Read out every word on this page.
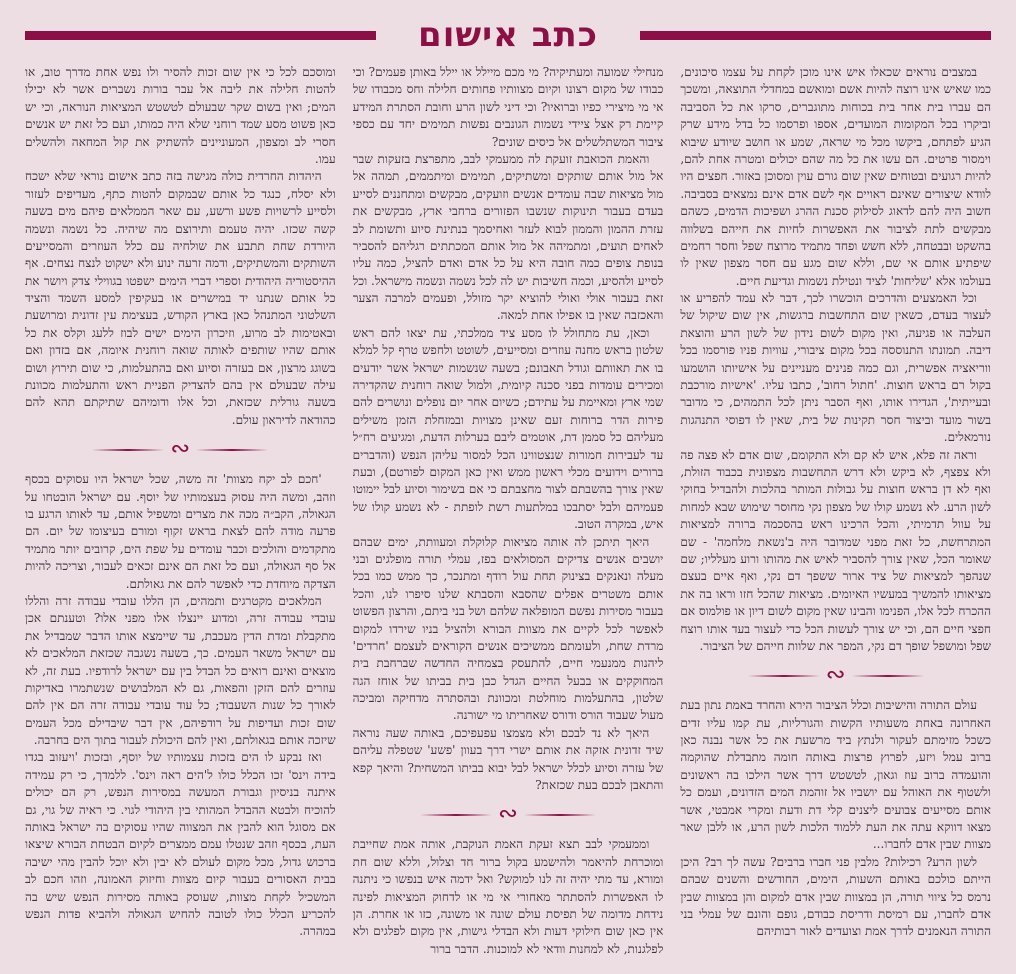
כתב אישום

במצבים נוראים שכאלו איש אינו מוכן לקחת על עצמו סיכונים, כמו שאיש אינו רוצה להיות אשם ומואשם במחדלי התוצאה, ומשכך הם עברו בית אחר בית בכוחות מתוגברים, סרקו את כל הסביבה וביקרו בכל המקומות המועדים, אספו ופרסמו כל בדל מידע שרק הגיע לפתחם, ביקשו מכל מי שראה, שמע או חושב שיודע שיבוא וימסור פרטים. הם עשו את כל מה שהם יכולים ומטרה אחת להם, להיות רגועים ובטוחים שאין שום גורם עוין ומסוכן באזור. חפצים היו לוודא שיצורים שאינם ראויים אף לשם אדם אינם נמצאים בסביבה. חשוב היה להם לדאוג לסילוק סכנת ההרג ושפיכות הדמים, כשהם מבקשים לתת לציבור את האפשרות לחיות את חייהם בשלווה בהשקט ובבטחה, ללא חשש ופחד מתמיד מרוצח שפל וחסר רחמים שיפתיע אותם אי שם, וללא שום מגע עם חסר מצפון שאין לו בעולמו אלא 'שליחות' לציד ונטילת נשמות וגדיעת חיים.

וכל האמצעים והדרכים הוכשרו לכך, דבר לא עמד להפריע או לעצור בעדם, כשאין שום התחשבות ברגשות, אין שום שיקול של העלבה או פגיעה, ואין מקום לשום נידון של לשון הרע והוצאת דיבה. תמונתו התנוססה בכל מקום ציבורי, עוויות פניו פורסמו בכל ווריאציה אפשרית, וגם כמה פנינים מעניינים על אישיותו הושמעו בקול רם בראש חוצות. 'חתול רחוב', כתבו עליו. 'אישיות מורכבת ובעייתית', הגדירו אותו, ואף הסבר ניתן לכל התמהים, כי מדובר בשור מועד וביצור חסר תקינות של בית, שאין לו דפוסי התנהגות נורמאלים.

וראה זה פלא, איש לא קם ולא התקומם, שום אדם לא פצה פה ולא צפצף, לא ביקש ולא דרש התחשבות מצפונית בכבוד הזולת, ואף לא דן בראש חוצות על גבולות המותר בהלכות ולהבדיל בחוקי לשון הרע. לא נשמע קולו של מצפון נקי מחוסר שימוש שבא למחות על עוול תדמיתי, והכל הרכינו ראש בהסכמה ברורה למציאות המתרחשת, כל זאת מפני שמדובר היה ב'נשאת מלחמה' - שם שאומר הכל, שאין צורך להסביר לאיש את מהותו ורוע מעלליו; שם שנהפך למציאות של ציד ארור ששפך דם נקי, ואף איים בעצם מציאותו להמשיך במעשיו האיומים. מציאות שהכל חזו וראו בה את ההכרח לכל אלו, הפנימו והבינו שאין מקום לשום דיון או פולמוס אם חפצי חיים הם, וכי יש צורך לעשות הכל כדי לעצור בעד אותו רוצח שפל ומושפל שופך דם נקי, המפר את שלוות חייהם של הציבור.

∾

עולם התורה והישיבות וכלל הציבור הירא והחרד באמת נתון בעת האחרונה באחת משעותיו הקשות והגורליות, עת קמו עליו זדים כשכל מזימתם לעקור ולנתץ ביד מרשעת את כל אשר נבנה כאן ברוב עמל ויזע, לפרוץ פרצות באותה חומה מתבדלת שהוקמה והועמדה ברוב עוז וגאון, לטשטש דרך אשר הילכו בה ראשונים ולשטוף את האוהל עם יושביו אל זוהמת המים הזדונים, ועמם כל אותם מסייעים צבועים ליצנים קלי דת ודעת ומקרי אמבטי, אשר מצאו דווקא עתה את העת ללמוד הלכות לשון הרע, או ללבן שאר מצוות שבין אדם לחברו...

לשון הרע? רכילות? מלבין פני חברו ברבים? עשה לך רב? היכן הייתם כולכם באותם השעות, הימים, החודשים והשנים שבהם נרמס כל ציווי תורה, הן במצוות שבין אדם למקום והן במצוות שבין אדם לחברו, עם רמיסת ודריסת כבודם, גופם והונם של עמלי בני התורה הנאמנים לדרך אמת וצועדים לאור רבותיהם

מנחילי שמועה ומעתיקיה? מי מכם מיילל או יילל באותן פעמים? וכי כבודו של מקום רצונו וקיום מצוותיו פחותים חלילה וחס מכבודו של אי מי מיצירי כפיו וברואיו? וכי דיני לשון הרע וחובת הסתרת המידע קיימת רק אצל ציידי נשמות הגונבים נפשות תמימים יחד עם כספי ציבור המשתלשלים אל כיסים שונים?

והאמת הכואבת זועקת לה ממעמקי לבב, מתפרצת בזעקות שבר אל מול אותם שותקים ומשתיקים, תמימים ומיתממים, תמהה אל מול מציאות שבה עומדים אנשים וזועקים, מבקשים ומתחננים לסייע בעדם בעבור תינוקות שנשבו הפזורים ברחבי ארץ, מבקשים את עזרת ההמון והממון לבוא לעזר ואחיסמך בנתינת סיוע ותשומת לב לאחים תועים, ומתמיהה אל מול אותם המכתתים רגליהם להסביר בנופת צופים כמה חובה היא על כל אדם ואדם להציל, כמה עליו לסייע ולהסיע, וכמה חשיבות יש לה לכל נשמה ונשמה מישראל. וכל זאת בעבור אולי ואולי להוציא יקר מזולל, ופעמים למרבה הצער והאכזבה שאין בו אפילו אחת למאה.

וכאן, עת מתחולל לו מסע ציד ממלכתי, עת יצאו להם ראש שלטון בראש מחנה עוזרים ומסייעים, לשוטט ולחפש טרף קל למלא בו את תאוותם וגודל תאבונם; בשעה שנשמות ישראל אשר יודעים ומכירים עומדות בפני סכנה קיומית, ולמול שואה רוחנית שהקדירה שמי ארץ ומאיימת על עתידם; כשיום אחר יום נופלים ונושרים להם פירות הדר ברוחות זעם שאינן מצויות ובמזחלת הזמן משילים מעליהם כל סממן דת, אוטמים ליבם בערלות הדעת, ומגיעים רח״ל עד לעבירות חמורות שנצטווינו הכל למסור עליהן הנפש (והדברים ברורים וידועים מכלי ראשון ממש ואין כאן המקום לפורטם), ובעת שאין צורך בהשבתם לצור מחצבתם כי אם בשימור וסיוע לבל יימוטו פעמיהם ולבל יסתבכו במלתעות רשת לופתת - לא נשמע קולו של איש, במקרה הטוב.

היאך תיתכן לה אותה מציאות קלוקלת ומעוותת, ימים שבהם יושבים אנשים צדיקים המסולאים בפז, עמלי תורה מופלגים ובני מעלה ונאנקים בצינוק תחת עול רודף ומתנכר, כך ממש כמו בכל אותם משטרים אפלים שהסבא והסבתא שלנו סיפרו לנו, והכל בעבור מסירות נפשם המופלאה שלהם ושל בני ביתם, והרצון הפשוט לאפשר לכל לקיים את מצוות הבורא ולהציל בניו שירדו למקום מרדת שחת, ולעומתם ממשיכים אנשים הקוראים לעצמם 'חרדים' ליהנות ממנעמי חיים, להתעסק בצמחיה החדשה שברחבת בית המחוקקים או בבעל החיים הגדל כבן בית בביתו של אוחז הגה שלטון, בהתעלמות מוחלטת ומכוונת ובהסתרה מדחיקה ומביכה מעול שעבוד הורס ודורס שאחריתו מי ישורנה.

היאך לא נד לבכם ולא מצמצו עפעפיכם, באותה שעה נוראה שיד זדונית אזקה את אותם ישרי דרך בעוון 'פשע' שטפלה עליהם של עזרה וסיוע לכלל ישראל לבל יבוא בביתו המשחית? והיאך קפא והתאבן לבכם בעת שכזאת?

∾

וממעמקי לבב תצא זעקת האמת הנוקבת, אותה אמת שחייבת ומוכרחת להיאמר ולהישמע בקול ברור חד וצלול, וללא שום חת ומורא, עד מתי יהיה זה לנו למוקש? ואל ידמה איש בנפשו כי ניתנה לו האפשרות להסתתר מאחורי אי מי או לדחוק המציאות לפינה נידחת מדומה של תפיסת עולם שונה או משונה, כזו או אחרת. הן אין כאן שום חילוקי דעות ולא הבדלי גישות, אין מקום לפלגים ולא לפלגנות, לא למחנות וודאי לא למוכנות. הדבר ברור

ומוסכם לכל כי אין שום זכות להסיר ולו נפש אחת מדרך טוב, או להטות חלילה את ליבה אל עבר בורות נשברים אשר לא יכילו המים; ואין בשום שקר שבעולם לטשטש המציאות הנוראה, וכי יש כאן פשוט מסע שמד רוחני שלא היה כמותו, ועם כל זאת יש אנשים חסרי לב ומצפון, המעוניינים להשתיק את קול המחאה ולהשלים עמו.

היהדות החרדית כולה מגישה בזה כתב אישום נוראי שלא ישכח ולא יסלח, כנגד כל אותם שבמקום להטות כתף, מעדיפים לעזור ולסייע לרשויות פשע ורשע, עם שאר הממלאים פיהם מים בשעה קשה שכזו. יהיה טעמם ותירוצם מה שיהיה. כל נשמה ונשמה היורדת שחת תתבע את שולחיה עם כלל העוזרים והמסייעים השותקים והמשתיקים, ודמה זרעה ינוע ולא ישקוט לנצח נצחים. אף ההיסטוריה היהודית וספרי דברי הימים ישפטו בגווילי צדק ויושר את כל אותם שנתנו יד במישרים או בעקיפין למסע השמד והציד השלטוני המתנהל כאן בארץ הקודש, בעצימת עין זדונית ומרושעת ובאטימות לב מרוע, וזיכרון הימים ישים לבוז ללעג וקלס את כל אותם שהיו שותפים לאותה שואה רוחנית איומה, אם בזדון ואם בשוגג מרצון, אם בעזרה וסיוע ואם בהתעלמות, כי שום תירוץ ושום עילה שבעולם אין בהם להצדיק הפניית ראש והתעלמות מכוונת בשעה גורלית שכזאת, וכל אלו ודומיהם שתיקתם תהא להם כהודאה לדיראון עולם.

∾

'חכם לב יקח מצוות' זה משה, שכל ישראל היו עסוקים בכסף וזהב, ומשה היה עסוק בעצמותיו של יוסף. עם ישראל הובטחו על הגאולה, הקב״ה מכה את מצרים ומשפיל אותם, עד לאותו הרגע בו פרעה מודה להם לצאת בראש זקוף ומורם בעיצומו של יום. הם מתקדמים והולכים וכבר עומדים על שפת הים, קרובים יותר מתמיד אל סף הגאולה, ועם כל זאת הם אינם זכאים לעבור, וצריכה להיות הצדקה מיוחדת כדי לאפשר להם את גאולתם.

המלאכים מקטרגים ותמהים, הן הללו עובדי עבודה זרה והללו עובדי עבודה זרה, ומדוע יינצלו אלו מפני אלו? וטענתם אכן מתקבלת ומדת הדין מעכבת, עד שיימצא אותו הדבר שמבדיל את עם ישראל משאר העמים. כך, בשעה נשגבה שכזאת המלאכים לא מוצאים ואינם רואים כל הבדל בין עם ישראל לרודפיו. בעת זה, לא עוזרים להם הזקן והפאות, גם לא המלבושים שנשתמרו באדיקות לאורך כל שנות השעבוד; כל עוד עובדי עבודה זרה הם אין להם שום זכות ועדיפות על רודפיהם, אין דבר שיבדילם מכל העמים שיזכה אותם בגאולתם, ואין להם היכולת לעבור בתוך הים בחרבה.

ואז נבקע לו הים בזכות עצמותיו של יוסף, ובזכות 'ויעזוב בגדו בידה וינס' זכו הכלל כולו ל'הים ראה וינס'. ללמדך, כי רק עמידה איתנה בניסיון וגבורת המעשה במסירות הנפש, רק הם יכולים להוכיח ולבטא ההבדל המהותי בין היהודי לגוי. כי ראיה של גוי, גם אם מסוגל הוא להבין את המצווה שהיו עסוקים בה ישראל באותה העת, בכסף וזהב שנטלו עמם ממצרים לקיום הבטחת הבורא שיצאו ברכוש גדול, מכל מקום לעולם לא יבין ולא יוכל להבין מהי ישיבה בבית האסורים בעבור קיום מצוות וחיזוק האמונה, וזהו חכם לב המשכיל לקחת מצוות, שעוסק באותה מסירות הנפש שיש בה להכריע הכלל כולו לטובה להחיש הגאולה ולהביא פדות הנפש במהרה.
